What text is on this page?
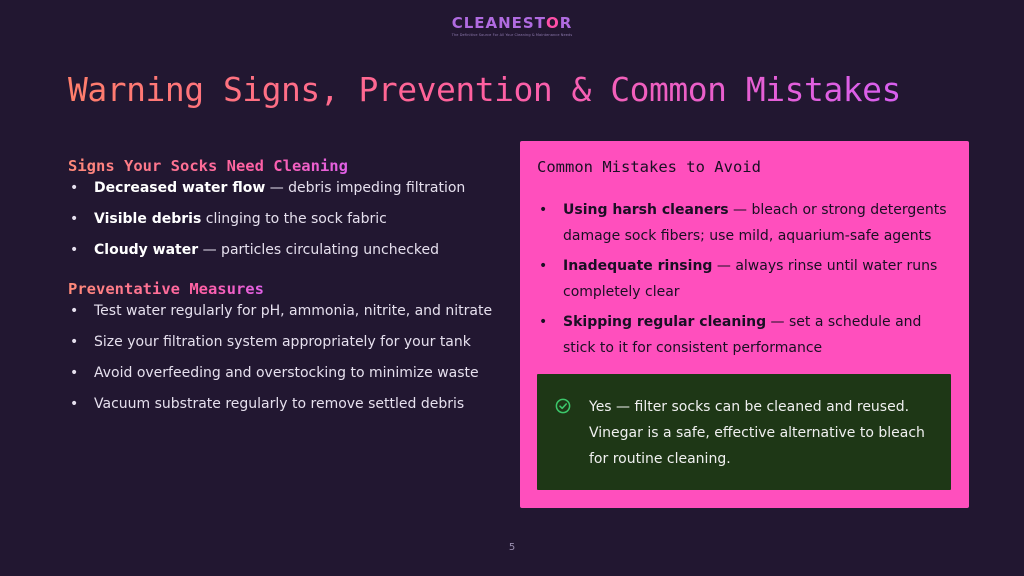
CLEANESTOR
The Definitive Source For All Your Cleaning & Maintenance Needs
Warning Signs, Prevention & Common Mistakes
Signs Your Socks Need Cleaning
• Decreased water flow — debris impeding filtration
• Visible debris clinging to the sock fabric
• Cloudy water — particles circulating unchecked
Preventative Measures
• Test water regularly for pH, ammonia, nitrite, and nitrate
• Size your filtration system appropriately for your tank
• Avoid overfeeding and overstocking to minimize waste
• Vacuum substrate regularly to remove settled debris
Common Mistakes to Avoid
• Using harsh cleaners — bleach or strong detergents damage sock fibers; use mild, aquarium-safe agents
• Inadequate rinsing — always rinse until water runs completely clear
• Skipping regular cleaning — set a schedule and stick to it for consistent performance
Yes — filter socks can be cleaned and reused. Vinegar is a safe, effective alternative to bleach for routine cleaning.
5
